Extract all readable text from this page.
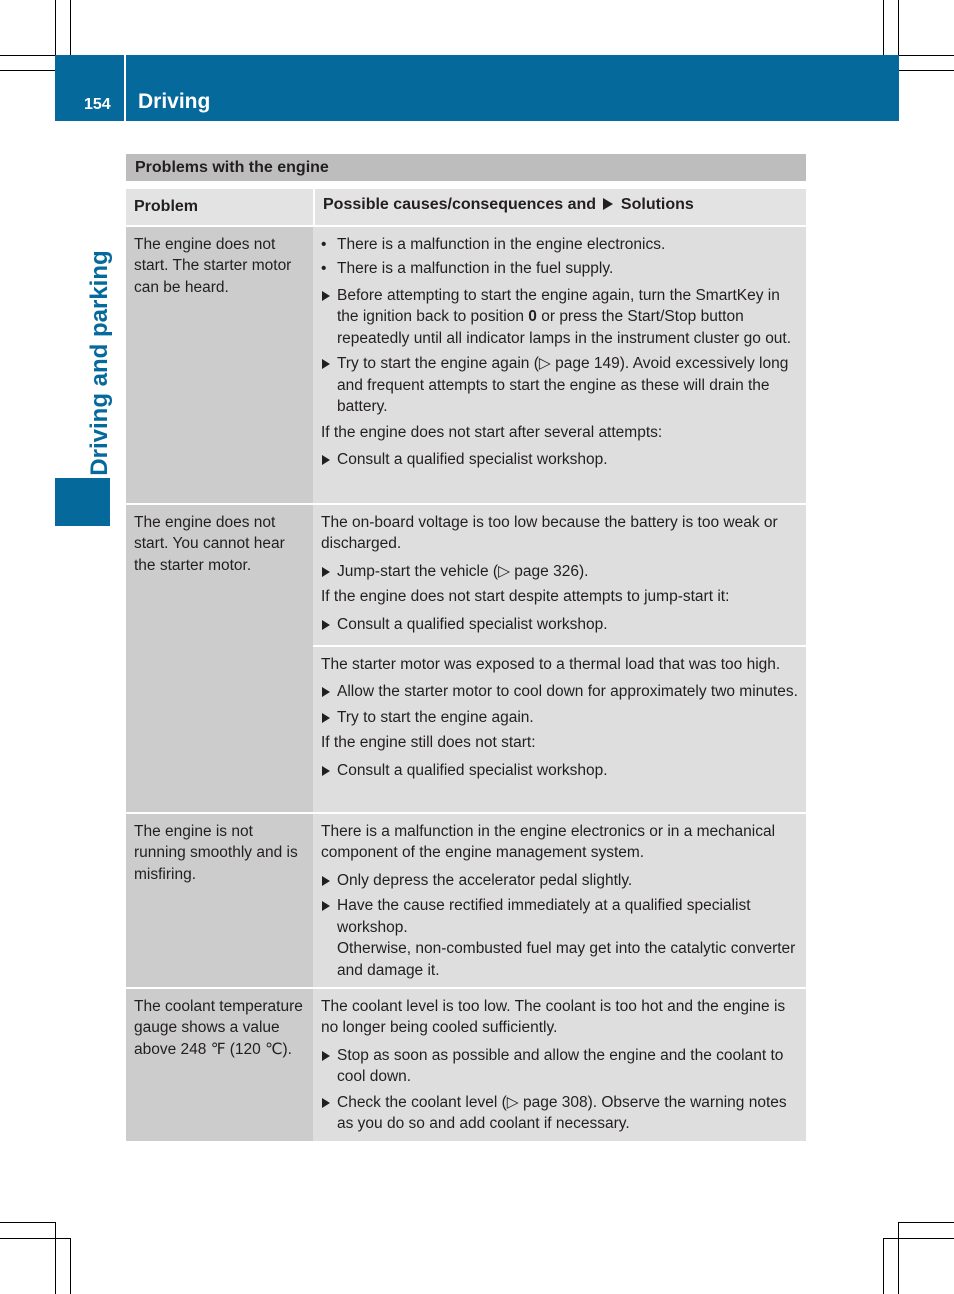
154 Driving
Driving and parking
Problems with the engine
Problem	Possible causes/consequences and Solutions
The engine does not start. The starter motor can be heard.
• There is a malfunction in the engine electronics.
• There is a malfunction in the fuel supply.
Before attempting to start the engine again, turn the SmartKey in the ignition back to position 0 or press the Start/Stop button repeatedly until all indicator lamps in the instrument cluster go out.
Try to start the engine again (▷ page 149). Avoid excessively long and frequent attempts to start the engine as these will drain the battery.

If the engine does not start after several attempts:

Consult a qualified specialist workshop.
The engine does not start. You cannot hear the starter motor.

The on-board voltage is too low because the battery is too weak or discharged.

Jump-start the vehicle (▷ page 326).

If the engine does not start despite attempts to jump-start it:

Consult a qualified specialist workshop.

The starter motor was exposed to a thermal load that was too high.

Allow the starter motor to cool down for approximately two minutes.
Try to start the engine again.

If the engine still does not start:

Consult a qualified specialist workshop.
The engine is not running smoothly and is misfiring.

There is a malfunction in the engine electronics or in a mechanical component of the engine management system.

Only depress the accelerator pedal slightly.
Have the cause rectified immediately at a qualified specialist workshop.
Otherwise, non-combusted fuel may get into the catalytic converter and damage it.
The coolant temperature gauge shows a value above 248 ℉ (120 ℃).

The coolant level is too low. The coolant is too hot and the engine is no longer being cooled sufficiently.

Stop as soon as possible and allow the engine and the coolant to cool down.
Check the coolant level (▷ page 308). Observe the warning notes as you do so and add coolant if necessary.
